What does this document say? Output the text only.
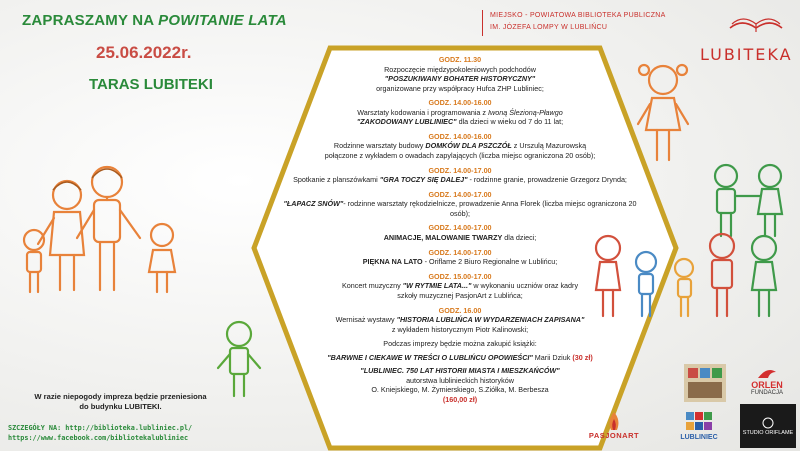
ZAPRASZAMY NA POWITANIE LATA
25.06.2022r.
TARAS LUBITEKI
MIEJSKO - POWIATOWA BIBLIOTEKA PUBLICZNA
IM. JÓZEFA LOMPY W LUBLIŃCU
LUBITEKA
GODZ. 11.30
Rozpoczęcie międzypokoleniowych podchodów
"POSZUKIWANY BOHATER HISTORYCZNY"
organizowane przy współpracy Hufca ZHP Lubliniec;
GODZ. 14.00-16.00
Warsztaty kodowania i programowania z Iwoną Ślezioną-Pławgo
"ZAKODOWANY LUBLINIEC" dla dzieci w wieku od 7 do 11 lat;
GODZ. 14.00-16.00
Rodzinne warsztaty budowy DOMKÓW DLA PSZCZÓŁ z Urszulą Mazurowską
połączone z wykładem o owadach zapylających (liczba miejsc ograniczona 20 osób);
GODZ. 14.00-17.00
Spotkanie z planszówkami "GRA TOCZY SIĘ DALEJ" - rodzinne granie, prowadzenie Grzegorz Drynda;
GODZ. 14.00-17.00
"ŁAPACZ SNÓW"- rodzinne warsztaty rękodzielnicze, prowadzenie Anna Florek (liczba miejsc ograniczona 20 osób);
GODZ. 14.00-17.00
ANIMACJE, MALOWANIE TWARZY dla dzieci;
GODZ. 14.00-17.00
PIĘKNA NA LATO - Oriflame 2 Biuro Regionalne w Lublińcu;
GODZ. 15.00-17.00
Koncert muzyczny "W RYTMIE LATA..." w wykonaniu uczniów oraz kadry
szkoły muzycznej PasjonArt z Lublińca;
GODZ. 16.00
Wernisaż wystawy "HISTORIA LUBLIŃCA W WYDARZENIACH ZAPISANA"
z wykładem historycznym Piotr Kalinowski;
Podczas imprezy będzie można zakupić książki:
"BARWNE I CIEKAWE W TREŚCI O LUBLIŃCU OPOWIEŚCI" Marii Dziuk (30 zł)
"LUBLINIEC. 750 LAT HISTORII MIASTA I MIESZKAŃCÓW"
autorstwa lublinieckich historyków
O. Kniejskiego, M. Żymierskiego, S.Ziółka, M. Berbesza
(160,00 zł)
W razie niepogody impreza będzie przeniesiona
do budynku LUBITEKI.
SZCZEGÓŁY NA: http://biblioteka.lubliniec.pl/
https://www.facebook.com/bibliotekalubliniec
ORLEN
FUNDACJA
PASJONART	LUBLINIEC
STUDIO ORIFLAME
